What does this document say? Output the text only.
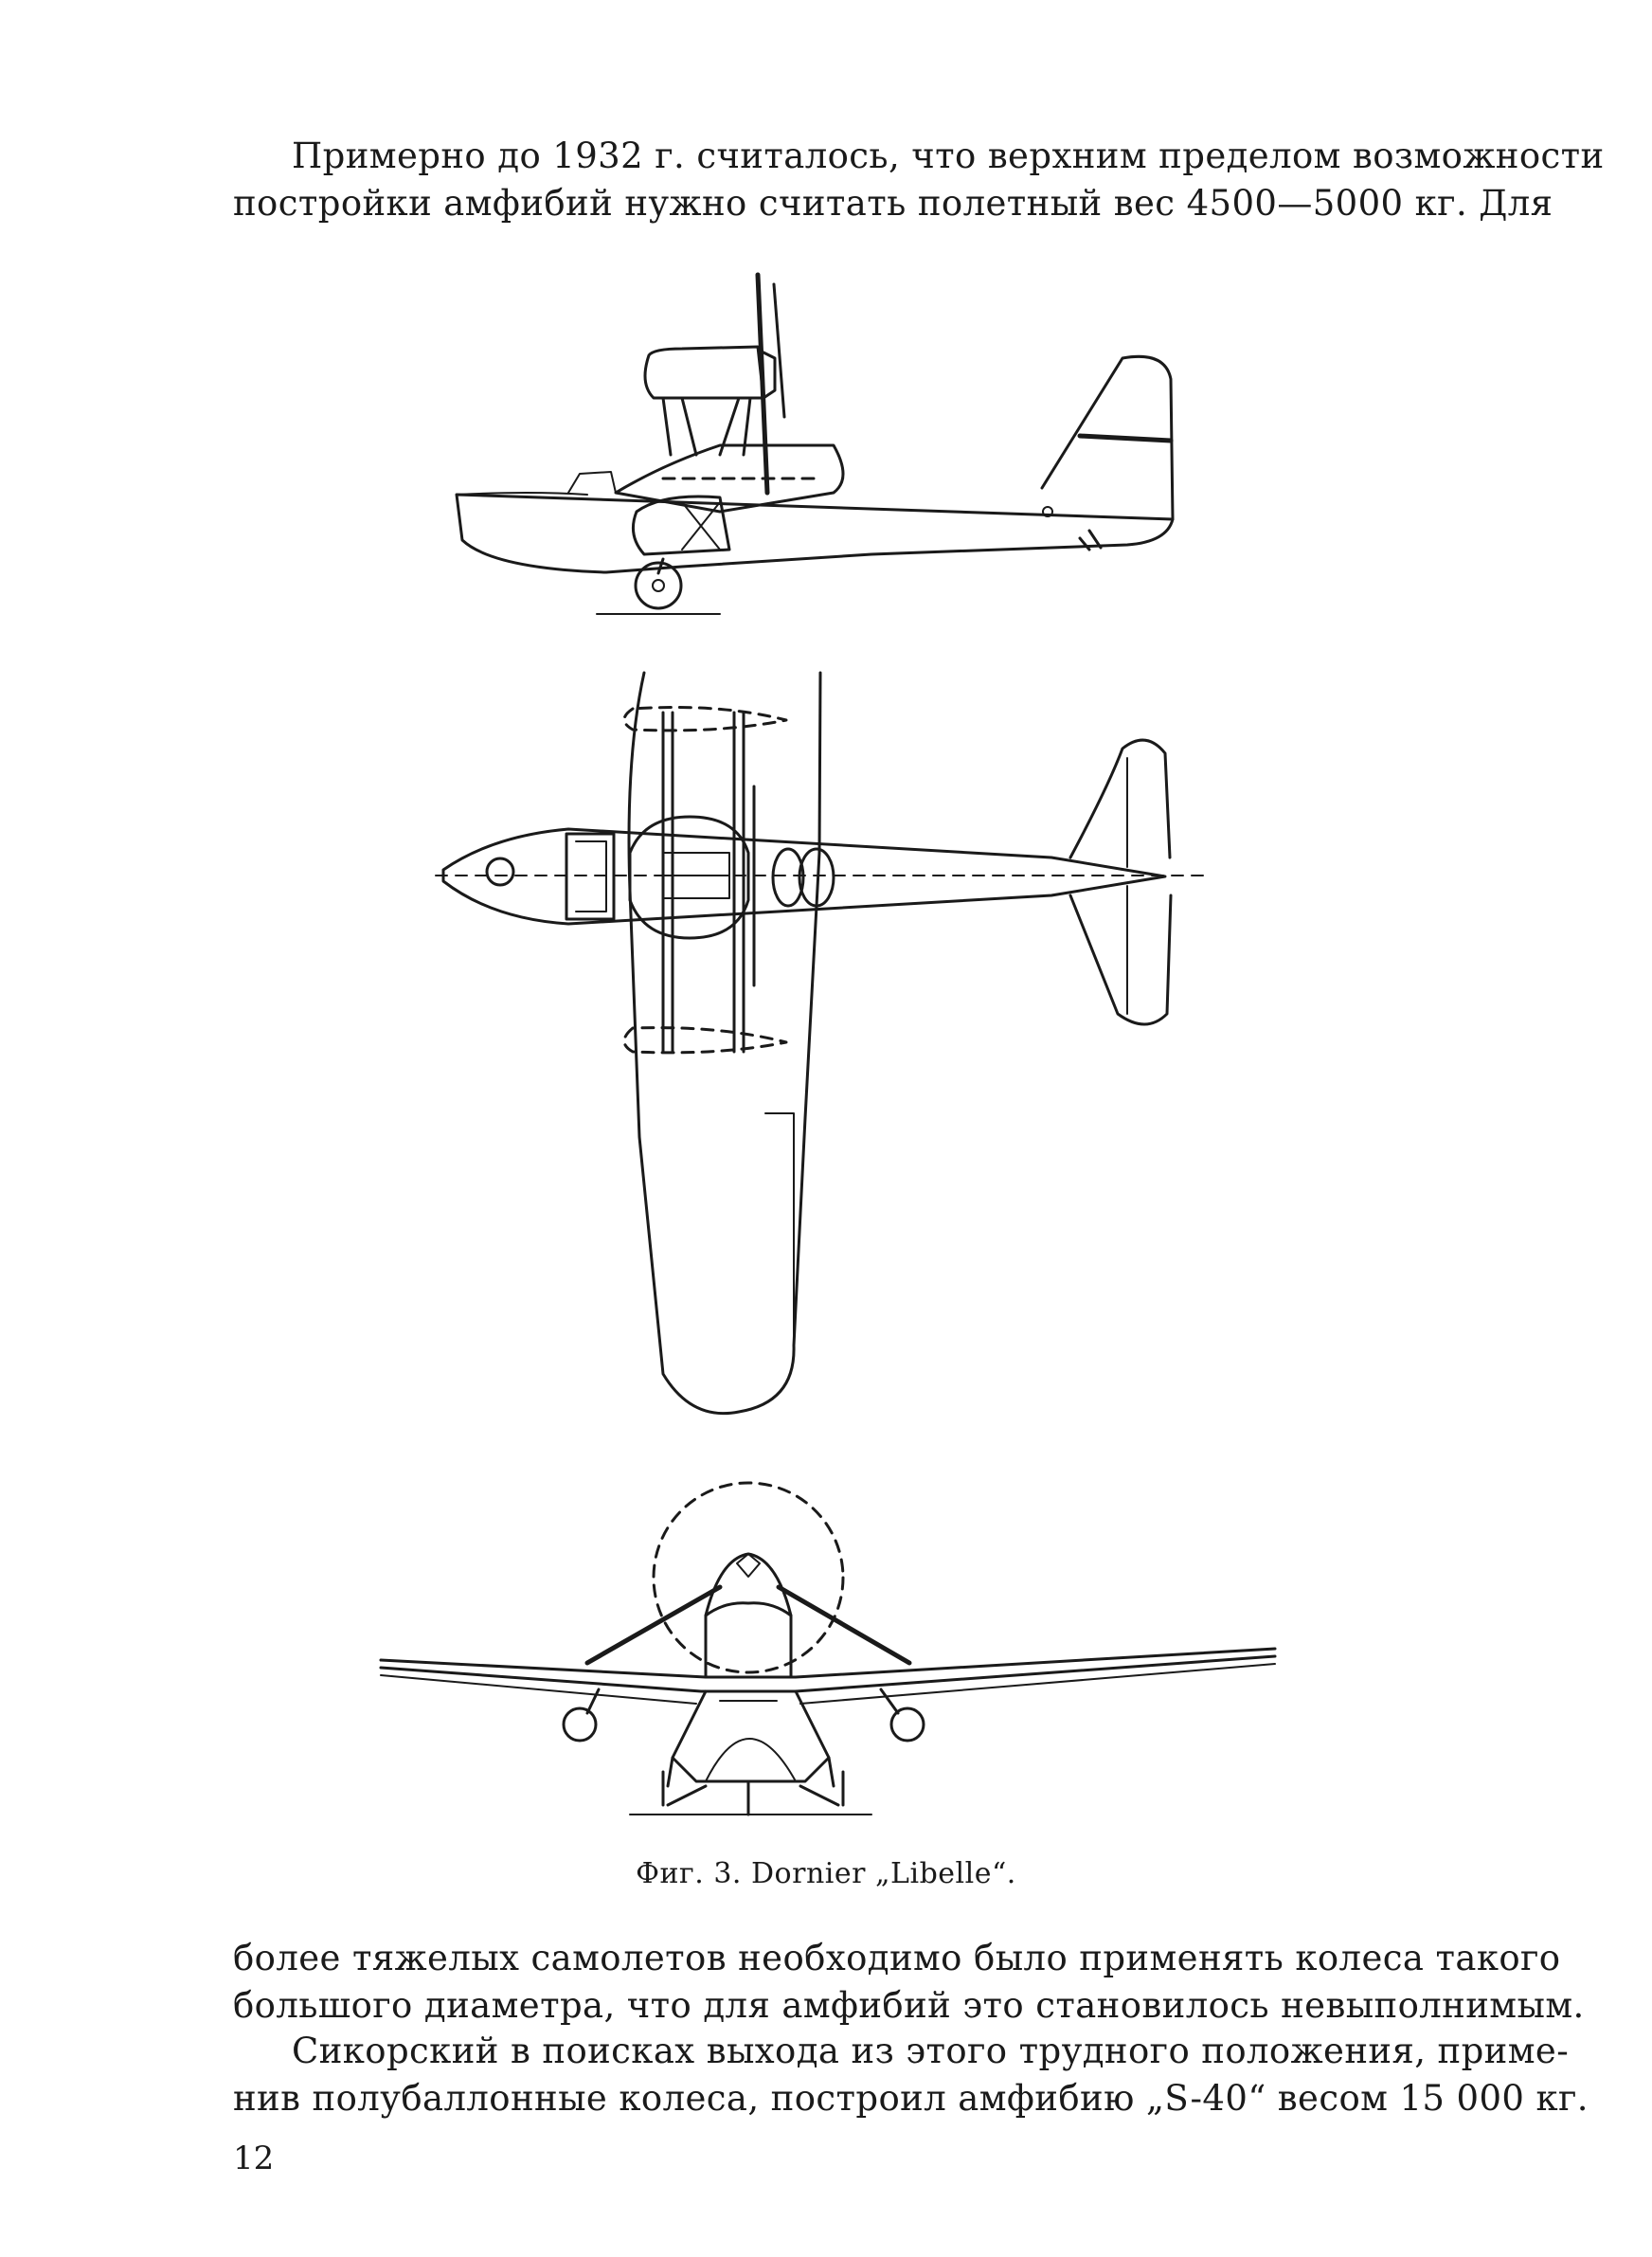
Примерно до 1932 г. считалось, что верхним пределом возможности
постройки амфибий нужно считать полетный вес 4500—5000 кг. Для
Фиг. 3. Dornier „Libelle“.
более тяжелых самолетов необходимо было применять колеса такого
большого диаметра, что для амфибий это становилось невыполнимым.
Сикорский в поисках выхода из этого трудного положения, приме-
нив полубаллонные колеса, построил амфибию „S-40“ весом 15 000 кг.
12
